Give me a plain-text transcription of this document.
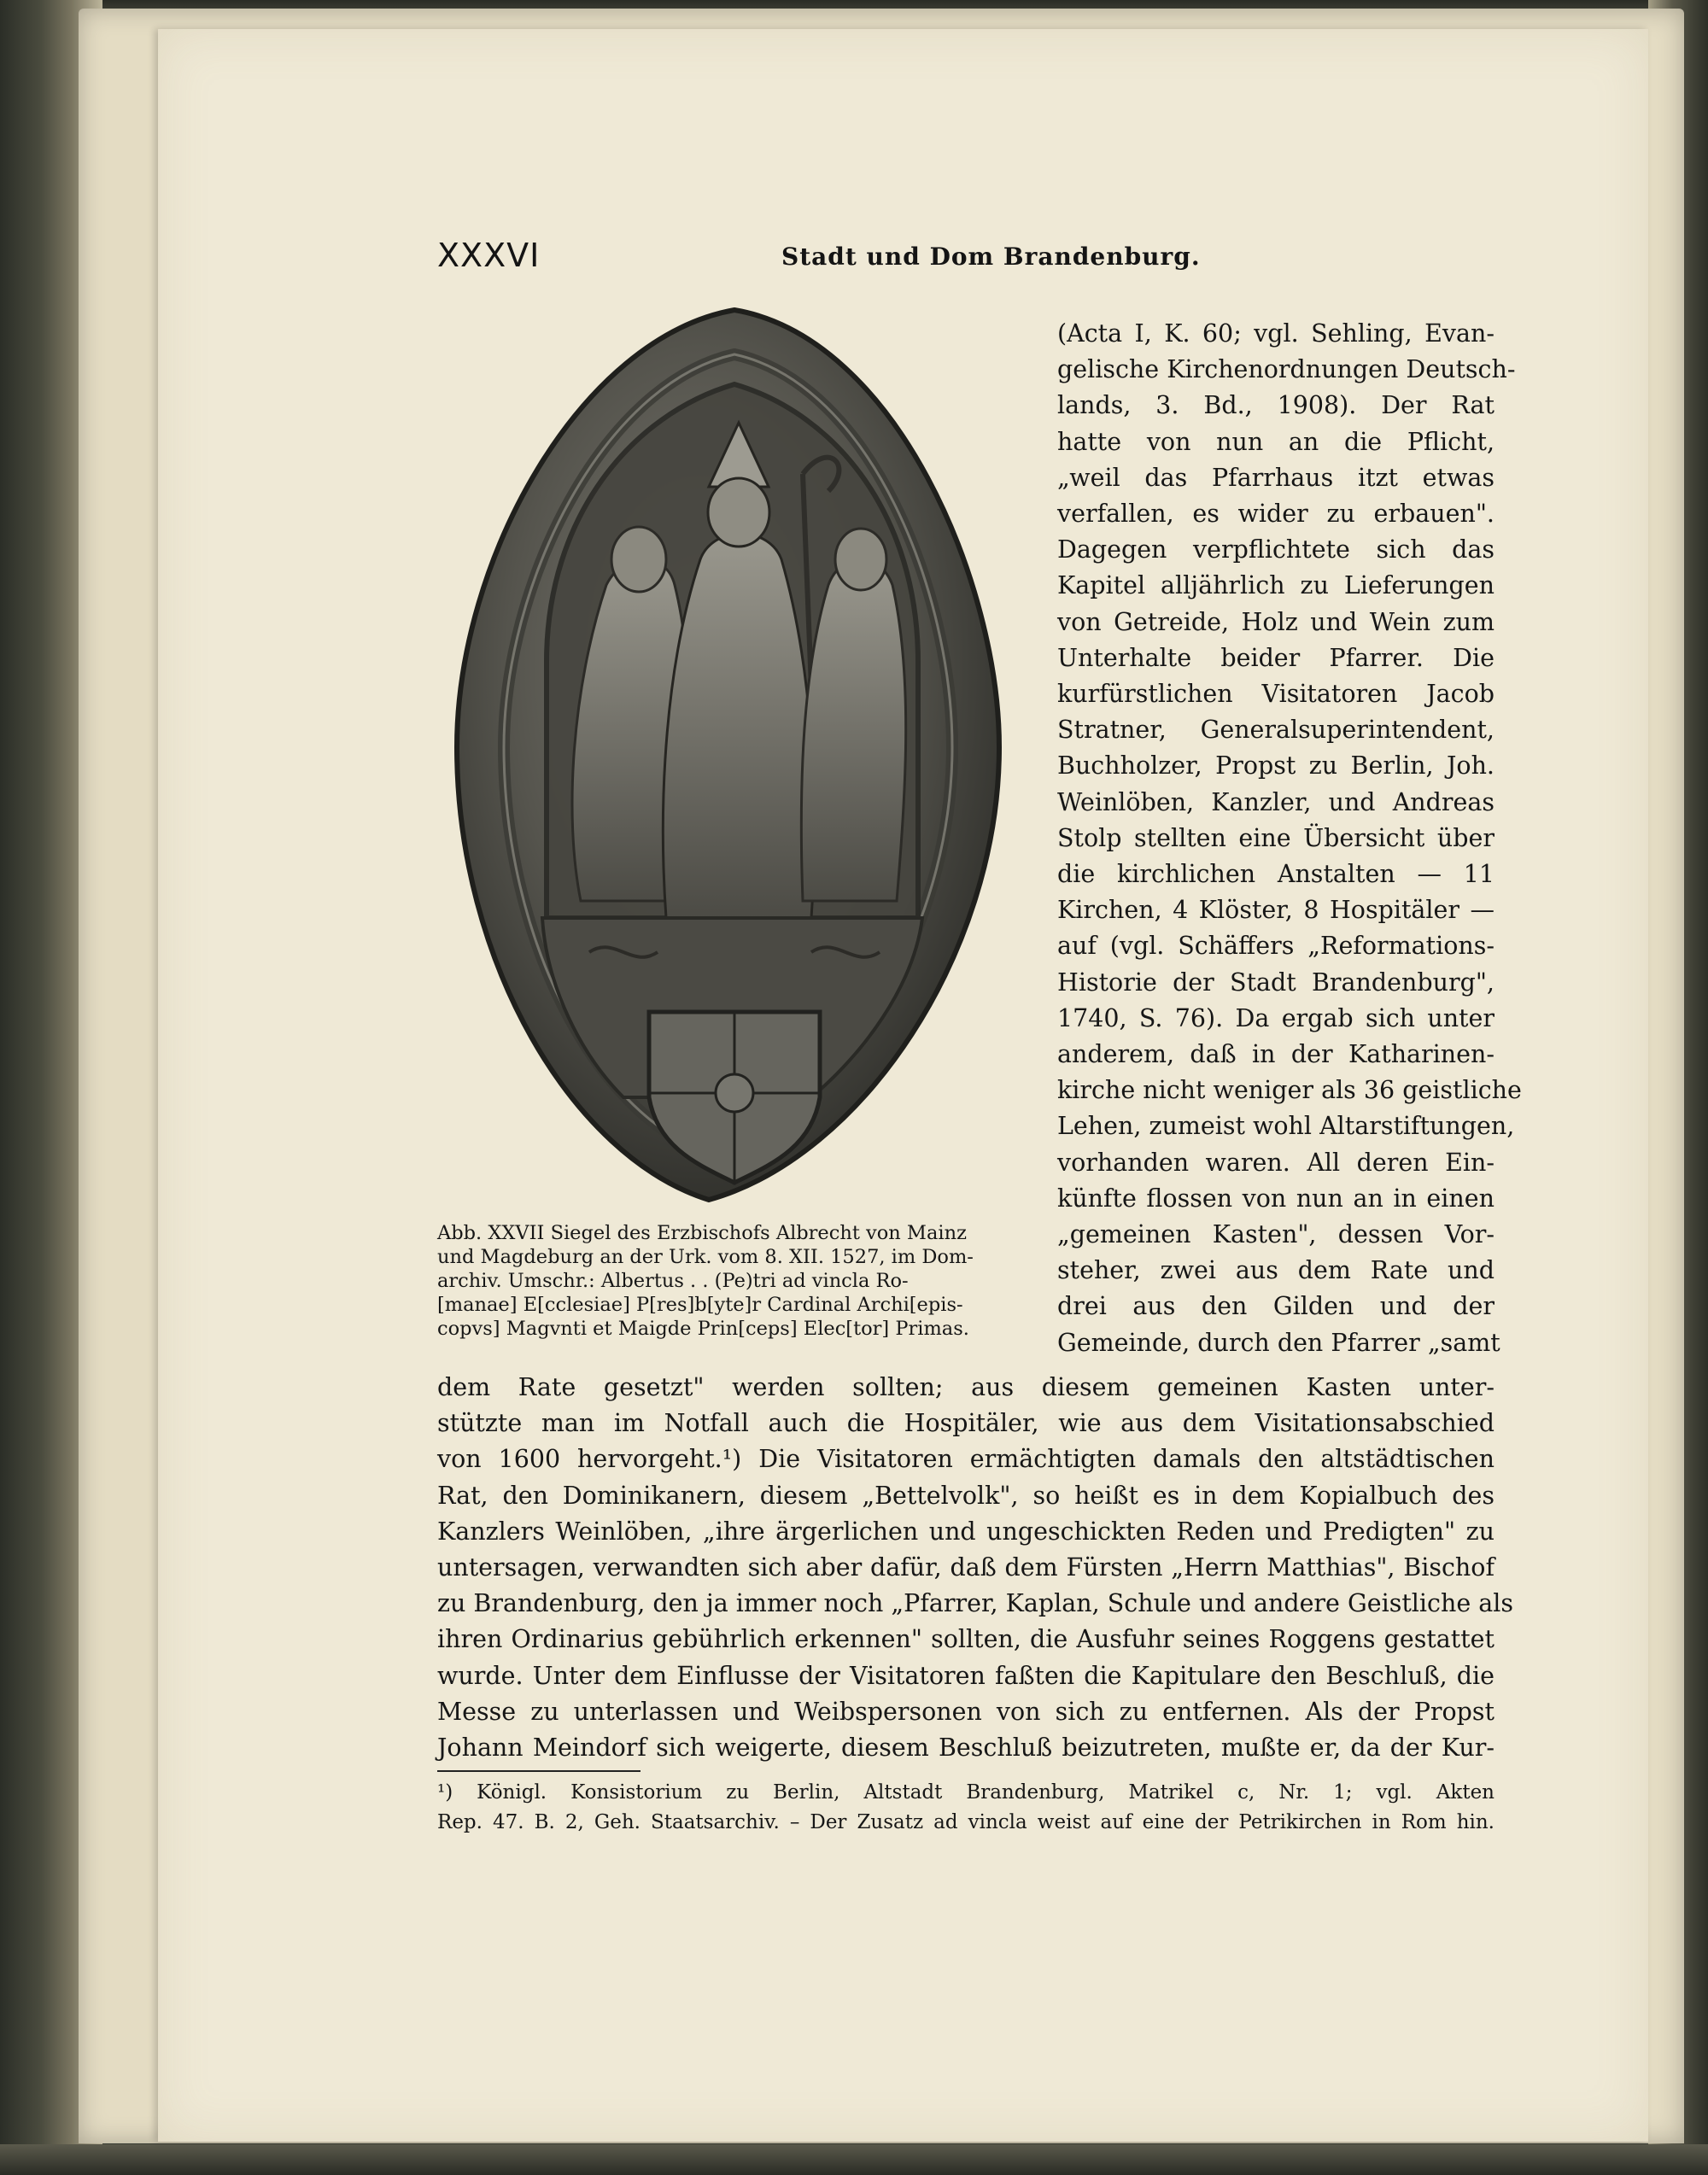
XXXVI	Stadt und Dom Brandenburg.
Abb. XXVII Siegel des Erzbischofs Albrecht von Mainz
und Magdeburg an der Urk. vom 8. XII. 1527, im Dom-
archiv. Umschr.: Albertus . . (Pe)tri ad vincla Ro-
[manae] E[cclesiae] P[res]b[yte]r Cardinal Archi[epis-
copvs] Magvnti et Maigde Prin[ceps] Elec[tor] Primas.
(Acta I, K. 60; vgl. Sehling, Evan-
gelische Kirchenordnungen Deutsch-
lands, 3. Bd., 1908). Der Rat
hatte von nun an die Pflicht,
„weil das Pfarrhaus itzt etwas
verfallen, es wider zu erbauen".
Dagegen verpflichtete sich das
Kapitel alljährlich zu Lieferungen
von Getreide, Holz und Wein zum
Unterhalte beider Pfarrer. Die
kurfürstlichen Visitatoren Jacob
Stratner, Generalsuperintendent,
Buchholzer, Propst zu Berlin, Joh.
Weinlöben, Kanzler, und Andreas
Stolp stellten eine Übersicht über
die kirchlichen Anstalten — 11
Kirchen, 4 Klöster, 8 Hospitäler —
auf (vgl. Schäffers „Reformations-
Historie der Stadt Brandenburg",
1740, S. 76). Da ergab sich unter
anderem, daß in der Katharinen-
kirche nicht weniger als 36 geistliche
Lehen, zumeist wohl Altarstiftungen,
vorhanden waren. All deren Ein-
künfte flossen von nun an in einen
„gemeinen Kasten", dessen Vor-
steher, zwei aus dem Rate und
drei aus den Gilden und der
Gemeinde, durch den Pfarrer „samt
dem Rate gesetzt" werden sollten; aus diesem gemeinen Kasten unter-
stützte man im Notfall auch die Hospitäler, wie aus dem Visitationsabschied
von 1600 hervorgeht.¹) Die Visitatoren ermächtigten damals den altstädtischen
Rat, den Dominikanern, diesem „Bettelvolk", so heißt es in dem Kopialbuch des
Kanzlers Weinlöben, „ihre ärgerlichen und ungeschickten Reden und Predigten" zu
untersagen, verwandten sich aber dafür, daß dem Fürsten „Herrn Matthias", Bischof
zu Brandenburg, den ja immer noch „Pfarrer, Kaplan, Schule und andere Geistliche als
ihren Ordinarius gebührlich erkennen" sollten, die Ausfuhr seines Roggens gestattet
wurde. Unter dem Einflusse der Visitatoren faßten die Kapitulare den Beschluß, die
Messe zu unterlassen und Weibspersonen von sich zu entfernen. Als der Propst
Johann Meindorf sich weigerte, diesem Beschluß beizutreten, mußte er, da der Kur-
¹) Königl. Konsistorium zu Berlin, Altstadt Brandenburg, Matrikel c, Nr. 1; vgl. Akten
Rep. 47. B. 2, Geh. Staatsarchiv. – Der Zusatz ad vincla weist auf eine der Petrikirchen in Rom hin.
